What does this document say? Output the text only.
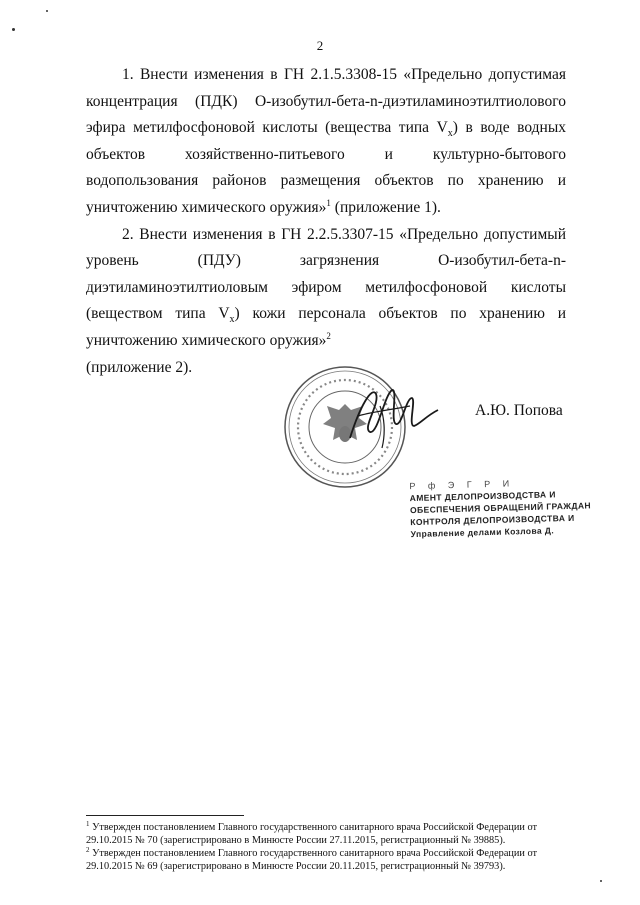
2

1. Внести изменения в ГН 2.1.5.3308-15 «Предельно допустимая концентрация (ПДК) О-изобутил-бета-n-диэтиламиноэтилтиолового эфира метилфосфоновой кислоты (вещества типа $V_x$) в воде водных объектов хозяйственно-питьевого и культурно-бытового водопользования районов размещения объектов по хранению и уничтожению химического оружия»$^1$ (приложение 1).

2. Внести изменения в ГН 2.2.5.3307-15 «Предельно допустимый уровень (ПДУ) загрязнения О-изобутил-бета-n-диэтиламиноэтилтиоловым эфиром метилфосфоновой кислоты (веществом типа $V_x$) кожи персонала объектов по хранению и уничтожению химического оружия»$^2$
(приложение 2).

А.Ю. Попова
Р ф Э Г Р И
АМЕНТ ДЕЛОПРОИЗВОДСТВА И
ОБЕСПЕЧЕНИЯ ОБРАЩЕНИЙ ГРАЖДАН
КОНТРОЛЯ ДЕЛОПРОИЗВОДСТВА И
Управление делами Козлова Д.

$^1$ Утвержден постановлением Главного государственного санитарного врача Российской Федерации от 29.10.2015 № 70 (зарегистрировано в Минюсте России 27.11.2015, регистрационный № 39885).

$^2$ Утвержден постановлением Главного государственного санитарного врача Российской Федерации от 29.10.2015 № 69 (зарегистрировано в Минюсте России 20.11.2015, регистрационный № 39793).
